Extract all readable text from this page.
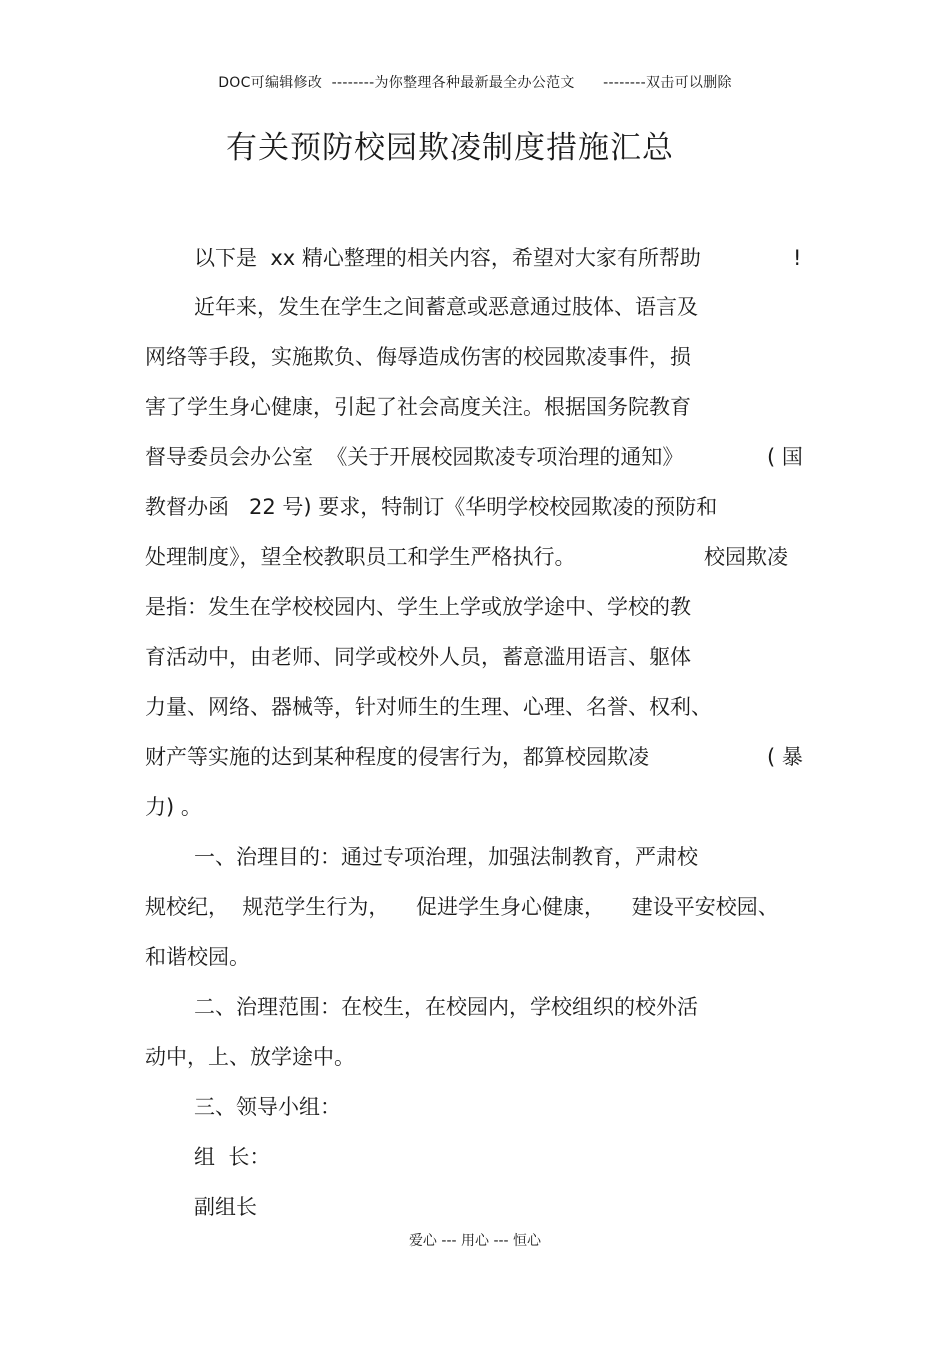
DOC可编辑修改  --------为你整理各种最新最全办公范文      --------双击可以删除
有关预防校园欺凌制度措施汇总
以下是  xx 精心整理的相关内容，希望对大家有所帮助	!
近年来，发生在学生之间蓄意或恶意通过肢体、语言及
网络等手段，实施欺负、侮辱造成伤害的校园欺凌事件，损
害了学生身心健康，引起了社会高度关注。根据国务院教育
督导委员会办公室  《关于开展校园欺凌专项治理的通知》	( 国
教督办函   22 号) 要求，特制订《华明学校校园欺凌的预防和
处理制度》，望全校教职员工和学生严格执行。	校园欺凌
是指：发生在学校校园内、学生上学或放学途中、学校的教
育活动中，由老师、同学或校外人员，蓄意滥用语言、躯体
力量、网络、器械等，针对师生的生理、心理、名誉、权利、
财产等实施的达到某种程度的侵害行为，都算校园欺凌	( 暴
力) 。
一、治理目的：通过专项治理，加强法制教育，严肃校
规校纪，  规范学生行为，    促进学生身心健康，    建设平安校园、
和谐校园。
二、治理范围：在校生，在校园内，学校组织的校外活
动中，上、放学途中。
三、领导小组：
组  长：
副组长
爱心 --- 用心 --- 恒心
